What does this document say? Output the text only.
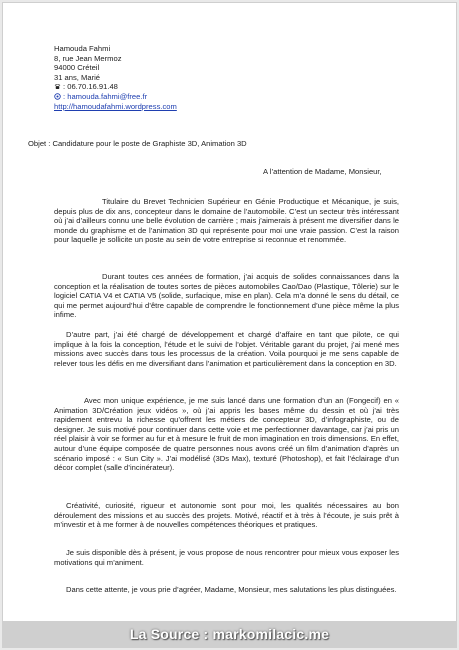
Hamouda Fahmi
8, rue Jean Mermoz
94000 Créteil
31 ans, Marié
: 06.70.16.91.48
: hamouda.fahmi@free.fr
http://hamoudafahmi.wordpress.com
Objet : Candidature pour le poste de Graphiste 3D, Animation 3D
A l’attention de Madame, Monsieur,
Titulaire du Brevet Technicien Supérieur en Génie Productique et Mécanique, je suis, depuis plus de dix ans, concepteur dans le domaine de l’automobile. C’est un secteur très intéressant où j’ai d’ailleurs connu une belle évolution de carrière ; mais j’aimerais à présent me diversifier dans le monde du graphisme et de l’animation 3D qui représente pour moi une vraie passion. C’est la raison pour laquelle je sollicite un poste au sein de votre entreprise si reconnue et renommée.
Durant toutes ces années de formation, j’ai acquis de solides connaissances dans la conception et la réalisation de toutes sortes de pièces automobiles Cao/Dao (Plastique, Tôlerie) sur le logiciel CATIA V4 et CATIA V5 (solide, surfacique, mise en plan). Cela m’a donné le sens du détail, ce qui me permet aujourd’hui d’être capable de comprendre le fonctionnement d’une pièce même la plus infime.
D’autre part, j’ai été chargé de développement et chargé d’affaire en tant que pilote, ce qui implique à la fois la conception, l’étude et le suivi de l’objet. Véritable garant du projet, j’ai mené mes missions avec succès dans tous les processus de la création. Voila pourquoi je me sens capable de relever tous les défis en me diversifiant dans l’animation et particulièrement dans la conception en 3D.
Avec mon unique expérience, je me suis lancé dans une formation d’un an (Fongecif) en « Animation 3D/Création jeux vidéos », où j’ai appris les bases même du dessin et où j’ai très rapidement entrevu la richesse qu’offrent les métiers de concepteur 3D, d’infographiste, ou de designer. Je suis motivé pour continuer dans cette voie et me perfectionner davantage, car j’ai pris un réel plaisir à voir se former au fur et à mesure le fruit de mon imagination en trois dimensions. En effet, autour d’une équipe composée de quatre personnes nous avons créé un film d’animation d’après un scénario imposé : « Sun City ». J’ai modélisé (3Ds Max), texturé (Photoshop), et fait l’éclairage d’un décor complet (salle d’incinérateur).
Créativité, curiosité, rigueur et autonomie sont pour moi, les qualités nécessaires au bon déroulement des missions et au succès des projets. Motivé, réactif et à très à l’écoute, je suis prêt à m’investir et à me former à de nouvelles compétences théoriques et pratiques.
Je suis disponible dès à présent, je vous propose de nous rencontrer pour mieux vous exposer les motivations qui m’animent.
Dans cette attente, je vous prie d’agréer, Madame, Monsieur, mes salutations les plus distinguées.
La Source : markomilacic.me
